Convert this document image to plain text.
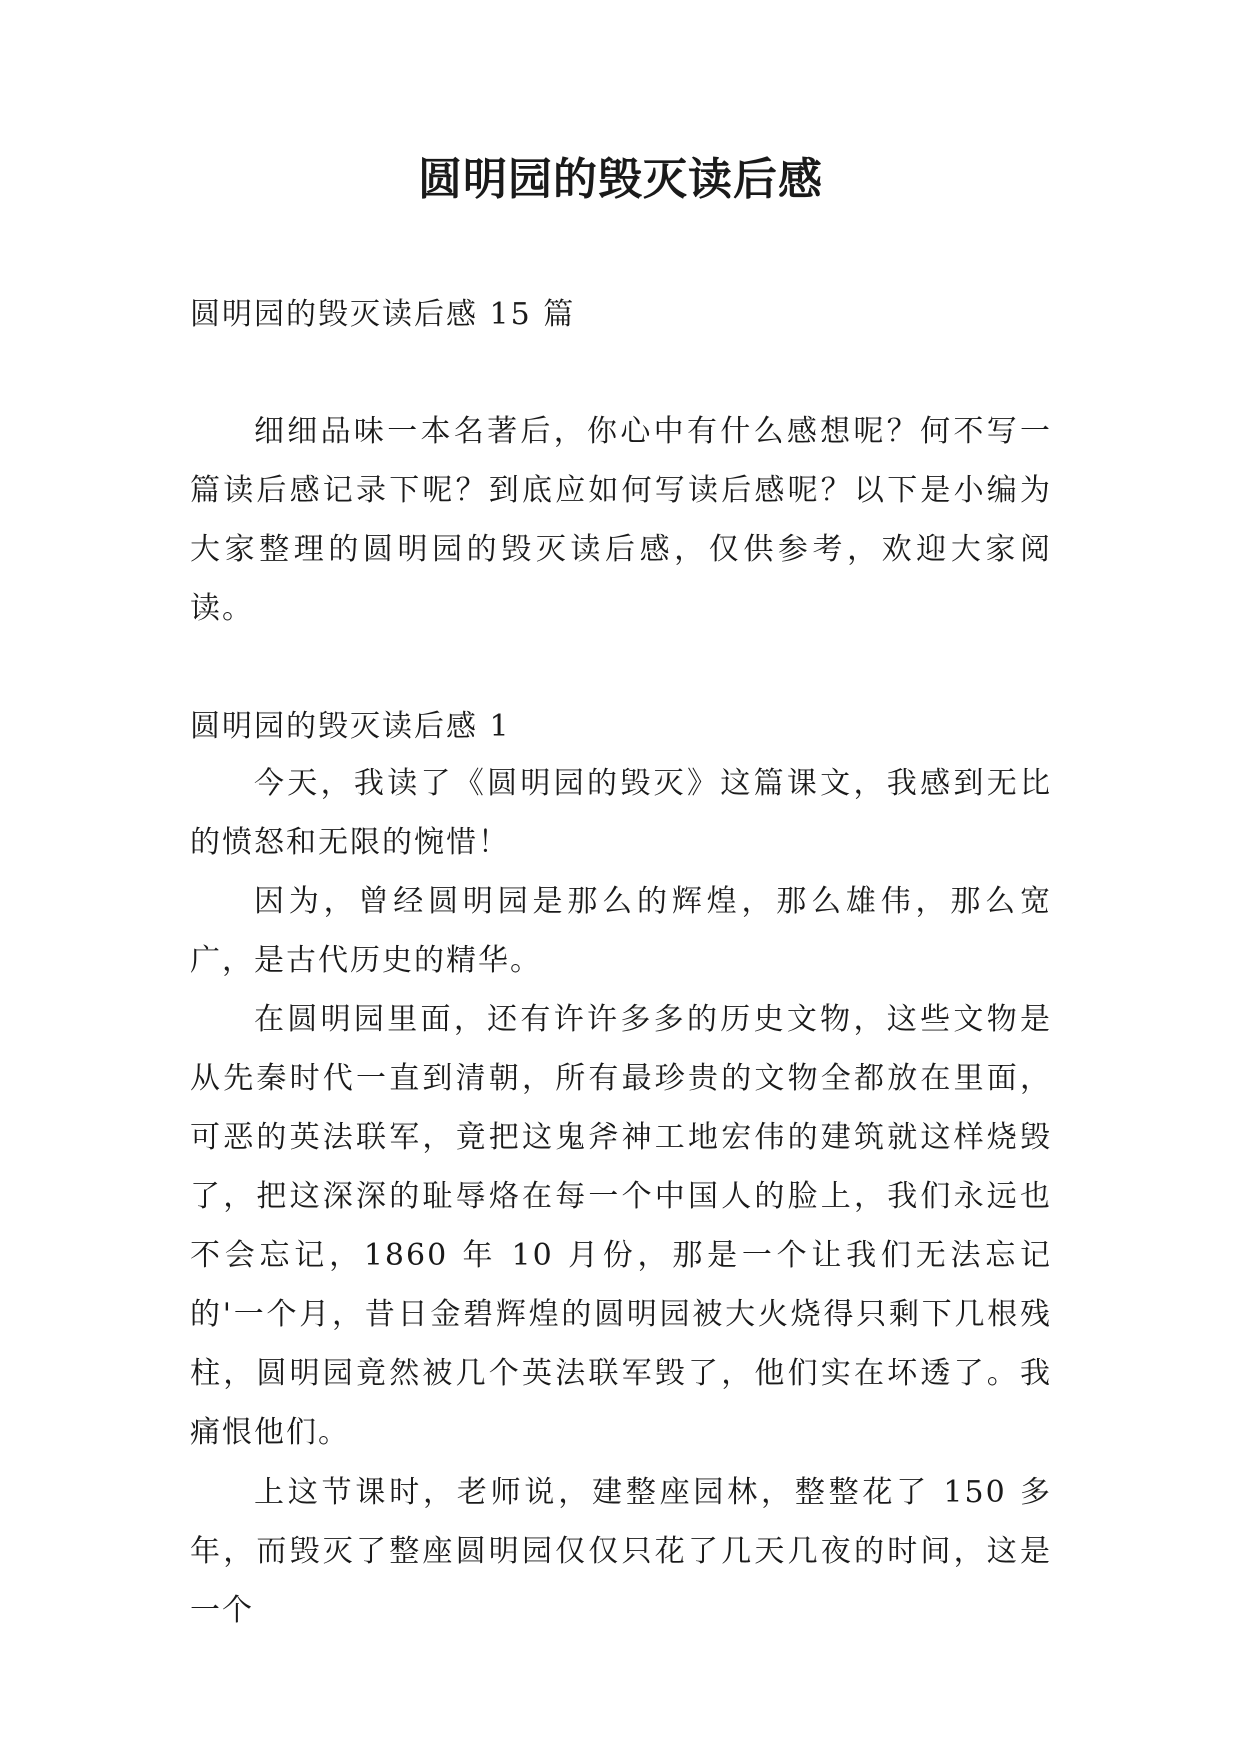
圆明园的毁灭读后感

圆明园的毁灭读后感 15 篇

细细品味一本名著后，你心中有什么感想呢？何不写一篇读后感记录下呢？到底应如何写读后感呢？以下是小编为大家整理的圆明园的毁灭读后感，仅供参考，欢迎大家阅读。

圆明园的毁灭读后感 1

今天，我读了《圆明园的毁灭》这篇课文，我感到无比的愤怒和无限的惋惜！

因为，曾经圆明园是那么的辉煌，那么雄伟，那么宽广，是古代历史的精华。

在圆明园里面，还有许许多多的历史文物，这些文物是从先秦时代一直到清朝，所有最珍贵的文物全都放在里面，可恶的英法联军，竟把这鬼斧神工地宏伟的建筑就这样烧毁了，把这深深的耻辱烙在每一个中国人的脸上，我们永远也不会忘记，1860 年 10 月份，那是一个让我们无法忘记的'一个月，昔日金碧辉煌的圆明园被大火烧得只剩下几根残柱，圆明园竟然被几个英法联军毁了，他们实在坏透了。我痛恨他们。

上这节课时，老师说，建整座园林，整整花了 150 多年，而毁灭了整座圆明园仅仅只花了几天几夜的时间，这是一个
